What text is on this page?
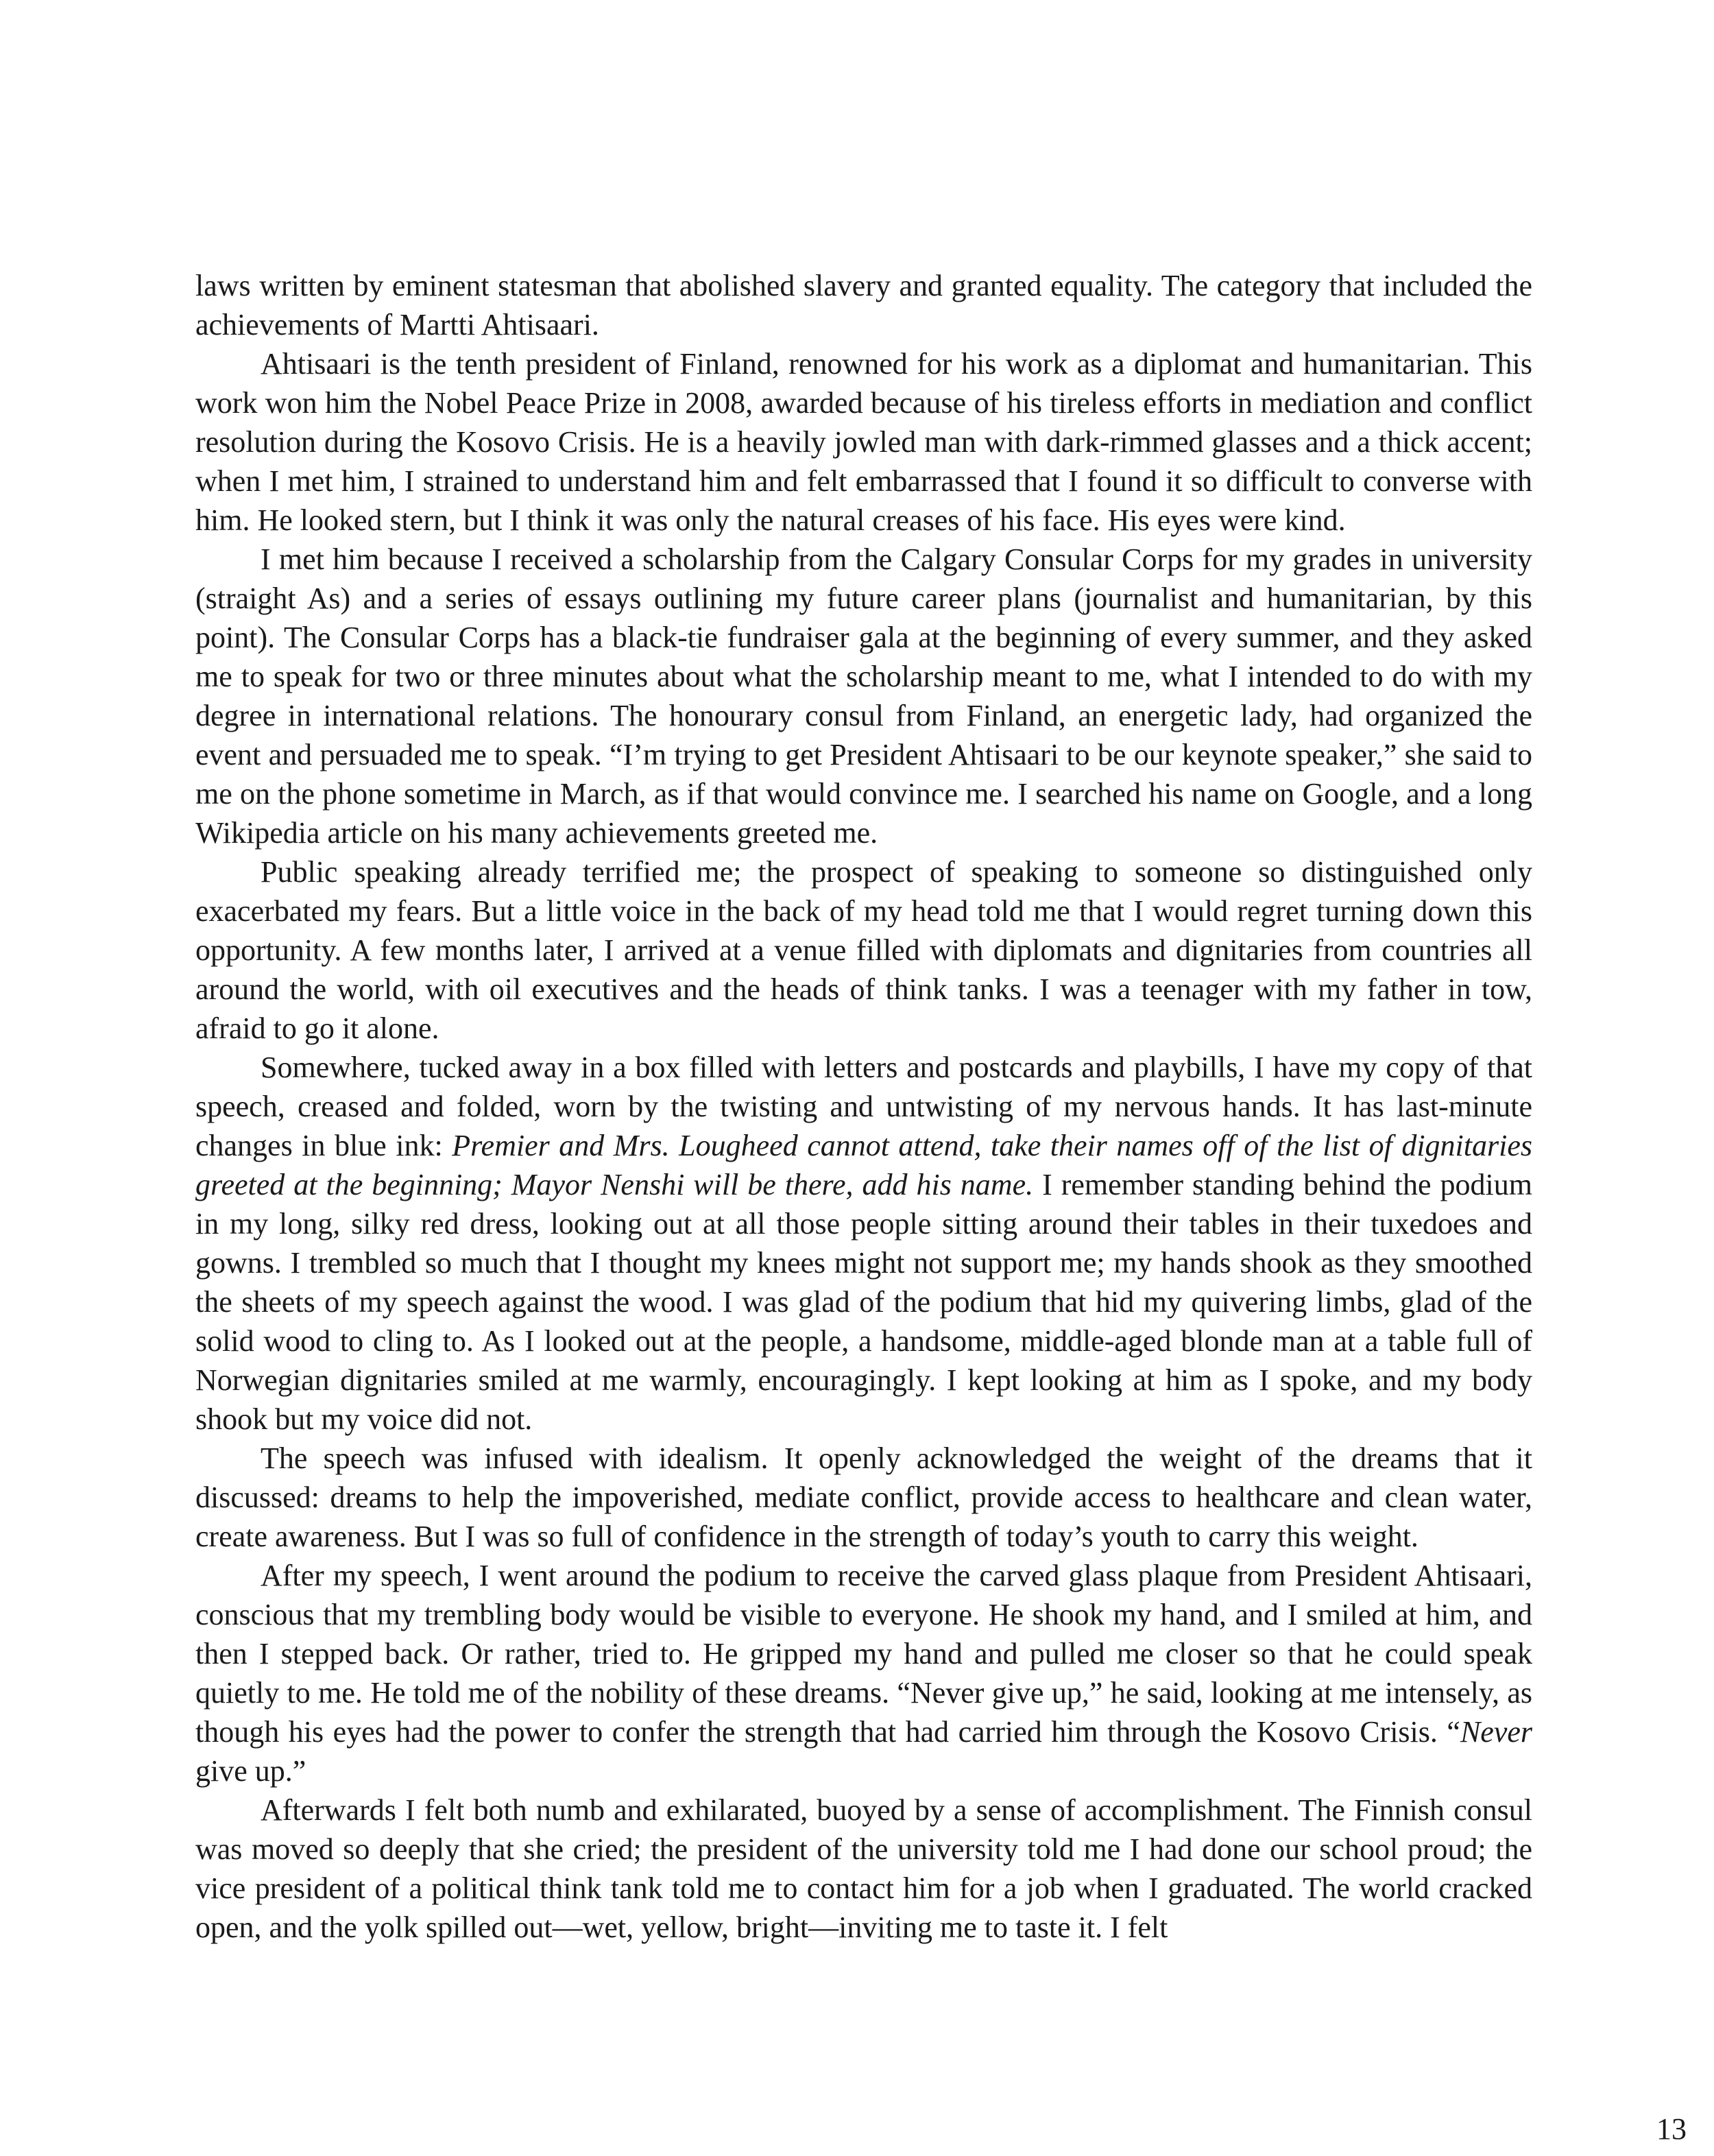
laws written by eminent statesman that abolished slavery and granted equality. The category that included the achievements of Martti Ahtisaari.

Ahtisaari is the tenth president of Finland, renowned for his work as a diplomat and humanitarian. This work won him the Nobel Peace Prize in 2008, awarded because of his tireless efforts in mediation and conflict resolution during the Kosovo Crisis. He is a heavily jowled man with dark-rimmed glasses and a thick accent; when I met him, I strained to understand him and felt embarrassed that I found it so difficult to converse with him. He looked stern, but I think it was only the natural creases of his face. His eyes were kind.

I met him because I received a scholarship from the Calgary Consular Corps for my grades in university (straight As) and a series of essays outlining my future career plans (journalist and humanitarian, by this point). The Consular Corps has a black-tie fundraiser gala at the beginning of every summer, and they asked me to speak for two or three minutes about what the scholarship meant to me, what I intended to do with my degree in international relations. The honourary consul from Finland, an energetic lady, had organized the event and persuaded me to speak. “I’m trying to get President Ahtisaari to be our keynote speaker,” she said to me on the phone sometime in March, as if that would convince me. I searched his name on Google, and a long Wikipedia article on his many achievements greeted me.

Public speaking already terrified me; the prospect of speaking to someone so distinguished only exacerbated my fears. But a little voice in the back of my head told me that I would regret turning down this opportunity. A few months later, I arrived at a venue filled with diplomats and dignitaries from countries all around the world, with oil executives and the heads of think tanks. I was a teenager with my father in tow, afraid to go it alone.

Somewhere, tucked away in a box filled with letters and postcards and playbills, I have my copy of that speech, creased and folded, worn by the twisting and untwisting of my nervous hands. It has last-minute changes in blue ink: Premier and Mrs. Lougheed cannot attend, take their names off of the list of dignitaries greeted at the beginning; Mayor Nenshi will be there, add his name. I remember standing behind the podium in my long, silky red dress, looking out at all those people sitting around their tables in their tuxedoes and gowns. I trembled so much that I thought my knees might not support me; my hands shook as they smoothed the sheets of my speech against the wood. I was glad of the podium that hid my quivering limbs, glad of the solid wood to cling to. As I looked out at the people, a handsome, middle-aged blonde man at a table full of Norwegian dignitaries smiled at me warmly, encouragingly. I kept looking at him as I spoke, and my body shook but my voice did not.

The speech was infused with idealism. It openly acknowledged the weight of the dreams that it discussed: dreams to help the impoverished, mediate conflict, provide access to healthcare and clean water, create awareness. But I was so full of confidence in the strength of today’s youth to carry this weight.

After my speech, I went around the podium to receive the carved glass plaque from President Ahtisaari, conscious that my trembling body would be visible to everyone. He shook my hand, and I smiled at him, and then I stepped back. Or rather, tried to. He gripped my hand and pulled me closer so that he could speak quietly to me. He told me of the nobility of these dreams. “Never give up,” he said, looking at me intensely, as though his eyes had the power to confer the strength that had carried him through the Kosovo Crisis. “Never give up.”

Afterwards I felt both numb and exhilarated, buoyed by a sense of accomplishment. The Finnish consul was moved so deeply that she cried; the president of the university told me I had done our school proud; the vice president of a political think tank told me to contact him for a job when I graduated. The world cracked open, and the yolk spilled out—wet, yellow, bright—inviting me to taste it. I felt

13
